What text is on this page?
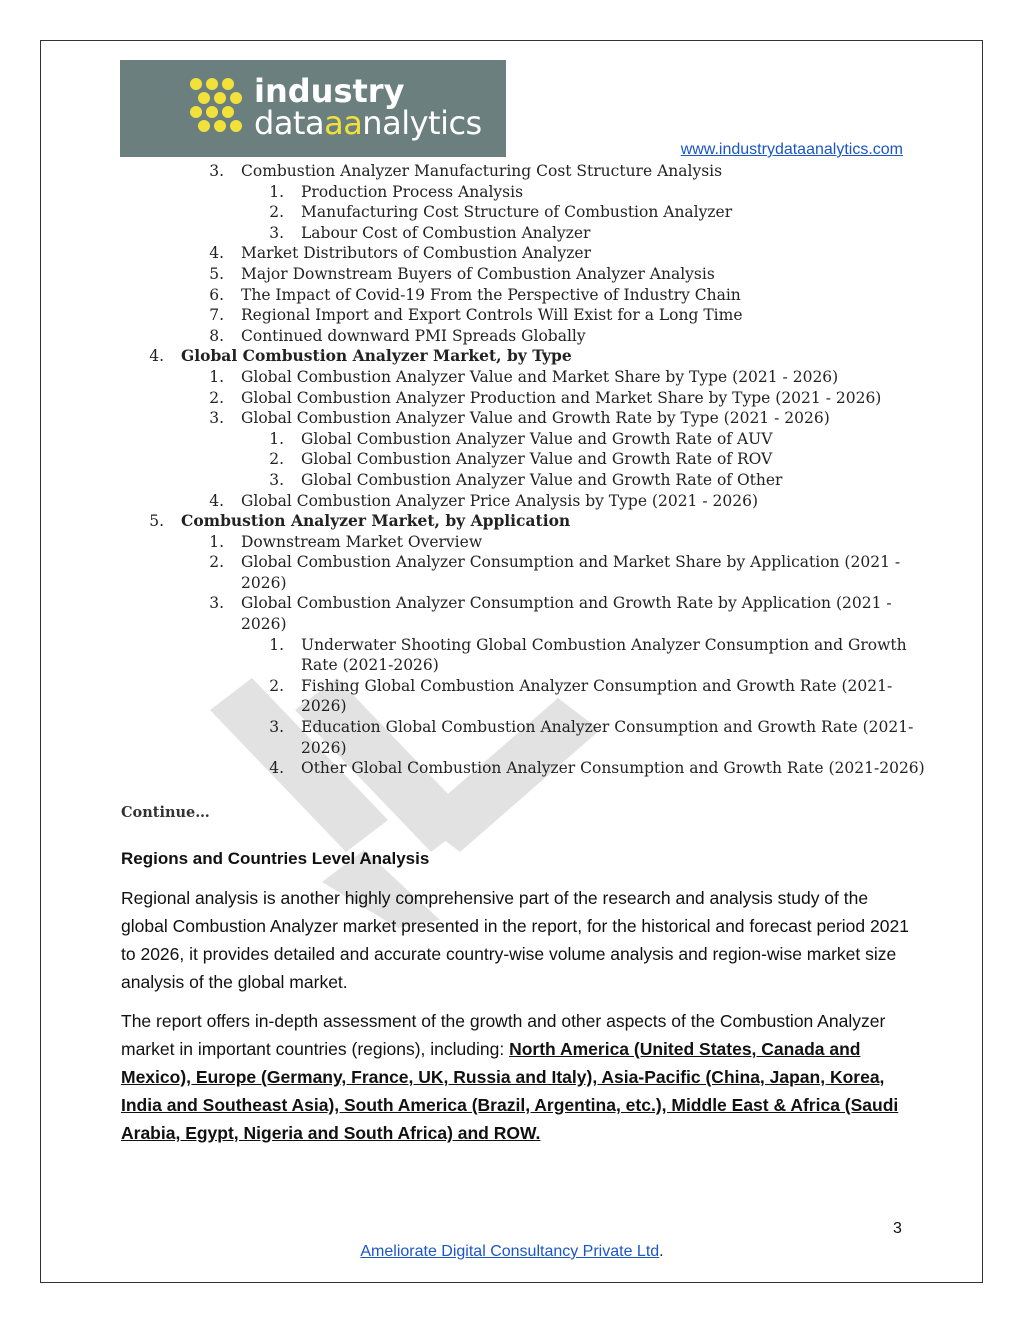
industry
dataaanalytics
www.industrydataanalytics.com
3. Combustion Analyzer Manufacturing Cost Structure Analysis
1. Production Process Analysis
2. Manufacturing Cost Structure of Combustion Analyzer
3. Labour Cost of Combustion Analyzer
4. Market Distributors of Combustion Analyzer
5. Major Downstream Buyers of Combustion Analyzer Analysis
6. The Impact of Covid-19 From the Perspective of Industry Chain
7. Regional Import and Export Controls Will Exist for a Long Time
8. Continued downward PMI Spreads Globally
4. Global Combustion Analyzer Market, by Type
1. Global Combustion Analyzer Value and Market Share by Type (2021 - 2026)
2. Global Combustion Analyzer Production and Market Share by Type (2021 - 2026)
3. Global Combustion Analyzer Value and Growth Rate by Type (2021 - 2026)
1. Global Combustion Analyzer Value and Growth Rate of AUV
2. Global Combustion Analyzer Value and Growth Rate of ROV
3. Global Combustion Analyzer Value and Growth Rate of Other
4. Global Combustion Analyzer Price Analysis by Type (2021 - 2026)
5. Combustion Analyzer Market, by Application
1. Downstream Market Overview
2. Global Combustion Analyzer Consumption and Market Share by Application (2021 -
2026)
3. Global Combustion Analyzer Consumption and Growth Rate by Application (2021 -
2026)
1. Underwater Shooting Global Combustion Analyzer Consumption and Growth
Rate (2021-2026)
2. Fishing Global Combustion Analyzer Consumption and Growth Rate (2021-
2026)
3. Education Global Combustion Analyzer Consumption and Growth Rate (2021-
2026)
4. Other Global Combustion Analyzer Consumption and Growth Rate (2021-2026)
Continue…
Regions and Countries Level Analysis
Regional analysis is another highly comprehensive part of the research and analysis study of the global Combustion Analyzer market presented in the report, for the historical and forecast period 2021 to 2026, it provides detailed and accurate country-wise volume analysis and region-wise market size analysis of the global market.
The report offers in-depth assessment of the growth and other aspects of the Combustion Analyzer market in important countries (regions), including: North America (United States, Canada and Mexico), Europe (Germany, France, UK, Russia and Italy), Asia-Pacific (China, Japan, Korea, India and Southeast Asia), South America (Brazil, Argentina, etc.), Middle East & Africa (Saudi Arabia, Egypt, Nigeria and South Africa) and ROW.
3
Ameliorate Digital Consultancy Private Ltd.
